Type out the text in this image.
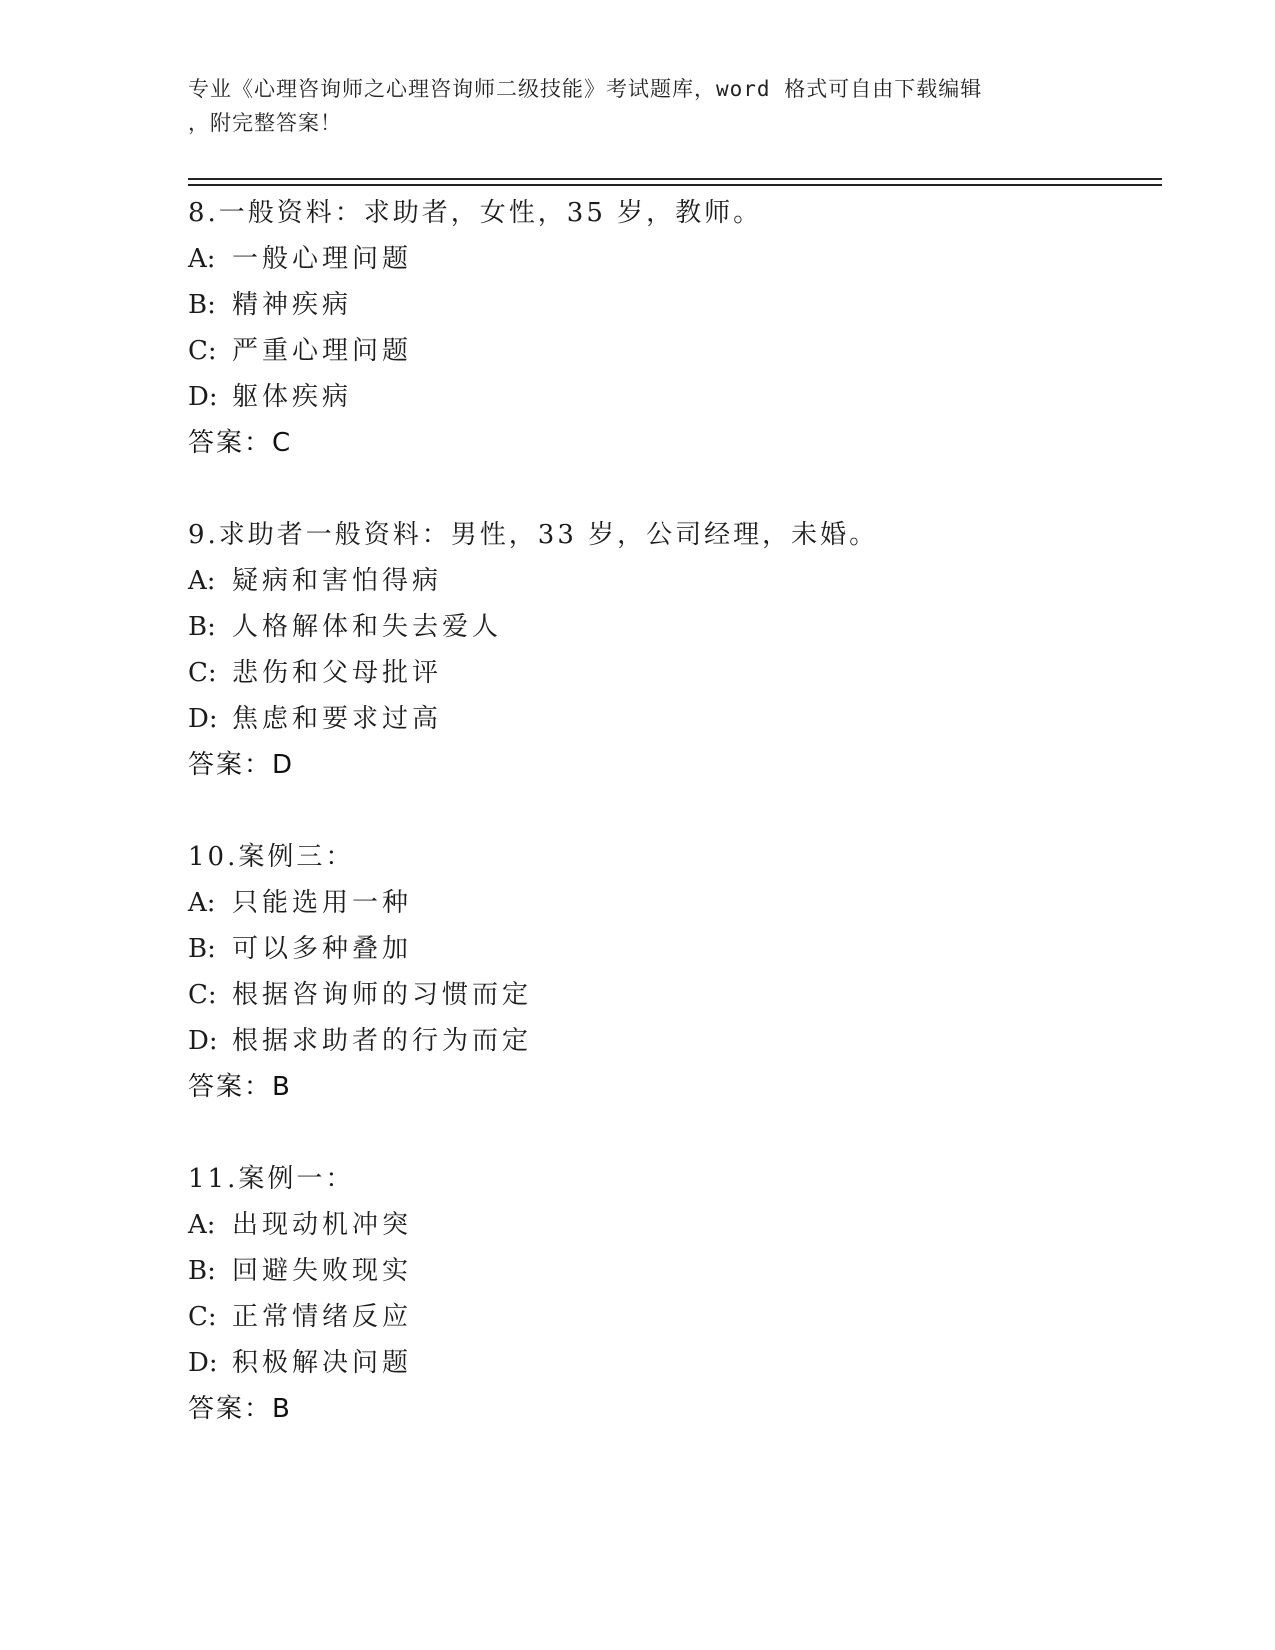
专业《心理咨询师之心理咨询师二级技能》考试题库，word 格式可自由下载编辑
，附完整答案！
8.一般资料：求助者，女性，35 岁，教师。
A: 一般心理问题
B: 精神疾病
C: 严重心理问题
D: 躯体疾病
答案：C
9.求助者一般资料：男性，33 岁，公司经理，未婚。
A: 疑病和害怕得病
B: 人格解体和失去爱人
C: 悲伤和父母批评
D: 焦虑和要求过高
答案：D
10.案例三：
A: 只能选用一种
B: 可以多种叠加
C: 根据咨询师的习惯而定
D: 根据求助者的行为而定
答案：B
11.案例一：
A: 出现动机冲突
B: 回避失败现实
C: 正常情绪反应
D: 积极解决问题
答案：B
